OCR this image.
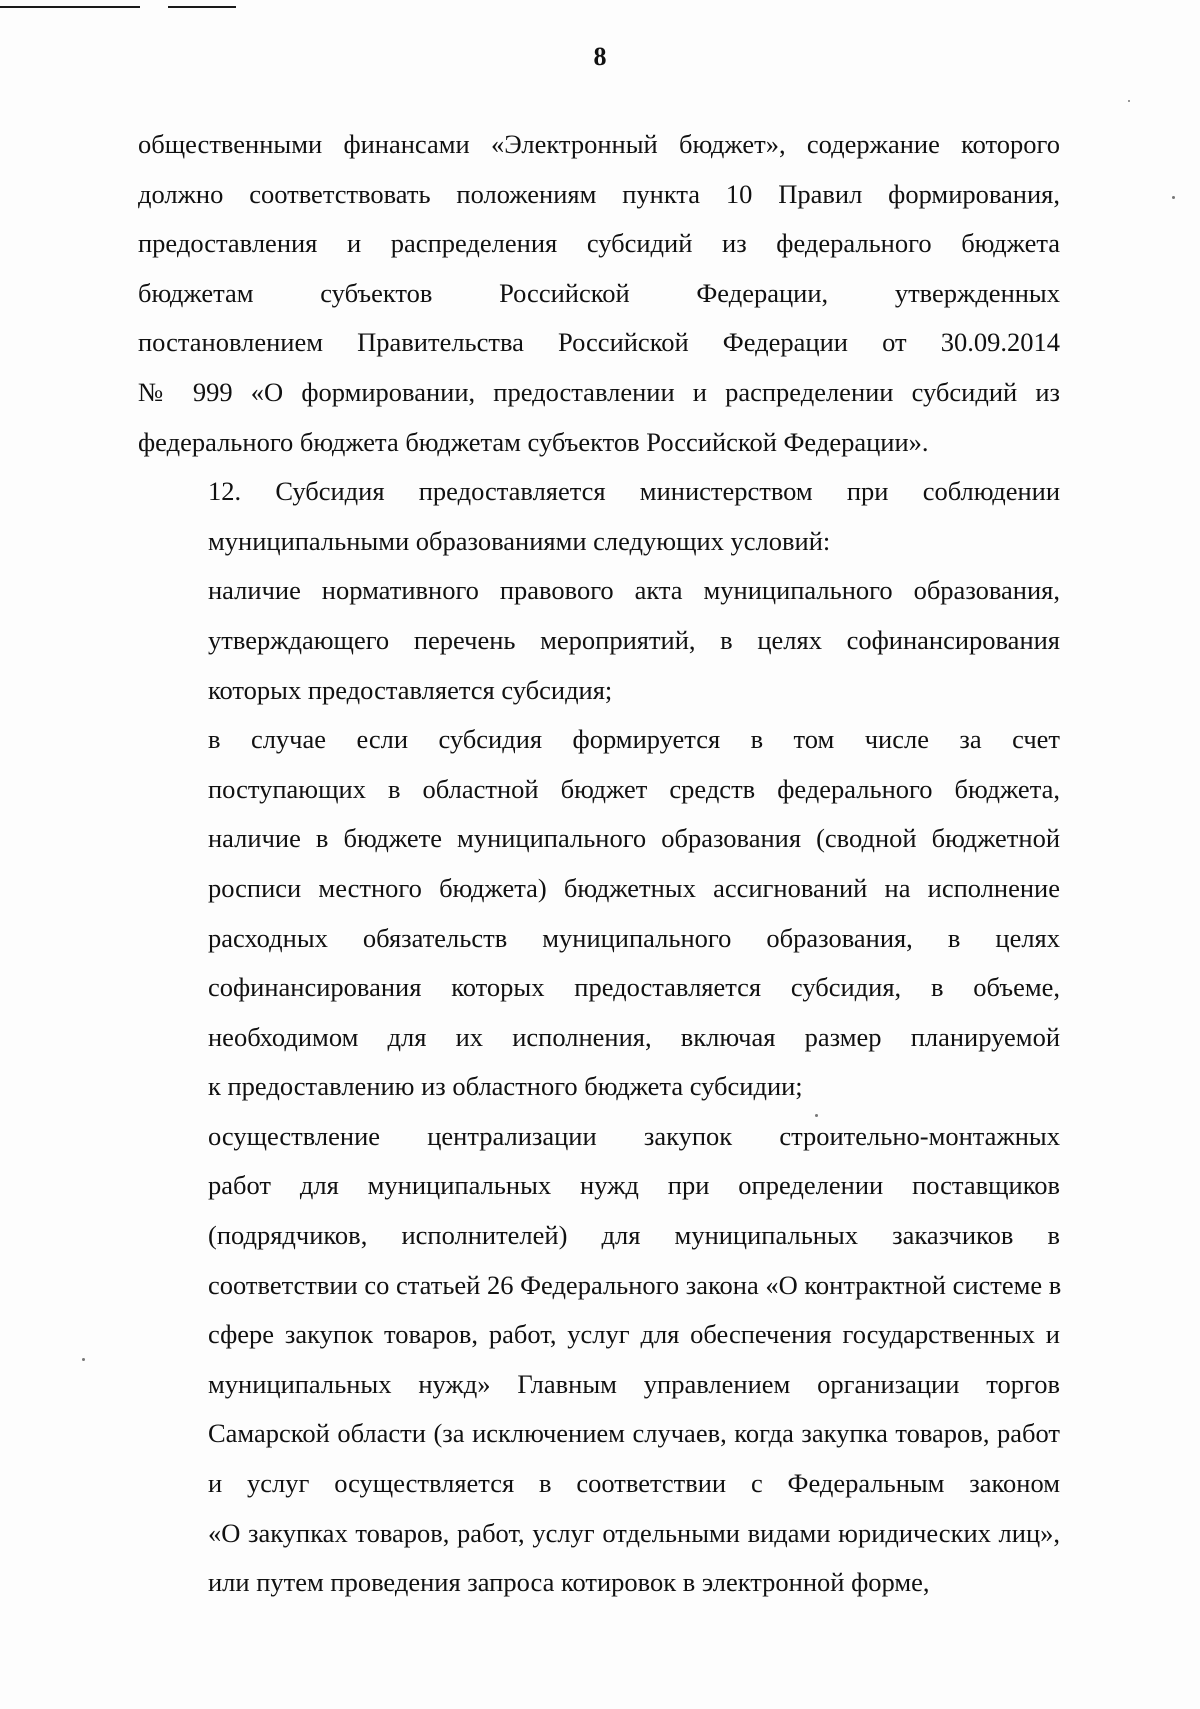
8

общественными финансами «Электронный бюджет», содержание которого
должно соответствовать положениям пункта 10 Правил формирования,
предоставления и распределения субсидий из федерального бюджета
бюджетам субъектов Российской Федерации, утвержденных
постановлением Правительства Российской Федерации от 30.09.2014
№ 999 «О формировании, предоставлении и распределении субсидий из
федерального бюджета бюджетам субъектов Российской Федерации».

12. Субсидия предоставляется министерством при соблюдении
муниципальными образованиями следующих условий:

наличие нормативного правового акта муниципального образования,
утверждающего перечень мероприятий, в целях софинансирования
которых предоставляется субсидия;

в случае если субсидия формируется в том числе за счет
поступающих в областной бюджет средств федерального бюджета,
наличие в бюджете муниципального образования (сводной бюджетной
росписи местного бюджета) бюджетных ассигнований на исполнение
расходных обязательств муниципального образования, в целях
софинансирования которых предоставляется субсидия, в объеме,
необходимом для их исполнения, включая размер планируемой
к предоставлению из областного бюджета субсидии;

осуществление централизации закупок строительно-монтажных
работ для муниципальных нужд при определении поставщиков
(подрядчиков, исполнителей) для муниципальных заказчиков в
соответствии со статьей 26 Федерального закона «О контрактной системе в
сфере закупок товаров, работ, услуг для обеспечения государственных и
муниципальных нужд» Главным управлением организации торгов
Самарской области (за исключением случаев, когда закупка товаров, работ
и услуг осуществляется в соответствии с Федеральным законом
«О закупках товаров, работ, услуг отдельными видами юридических лиц»,
или путем проведения запроса котировок в электронной форме,
